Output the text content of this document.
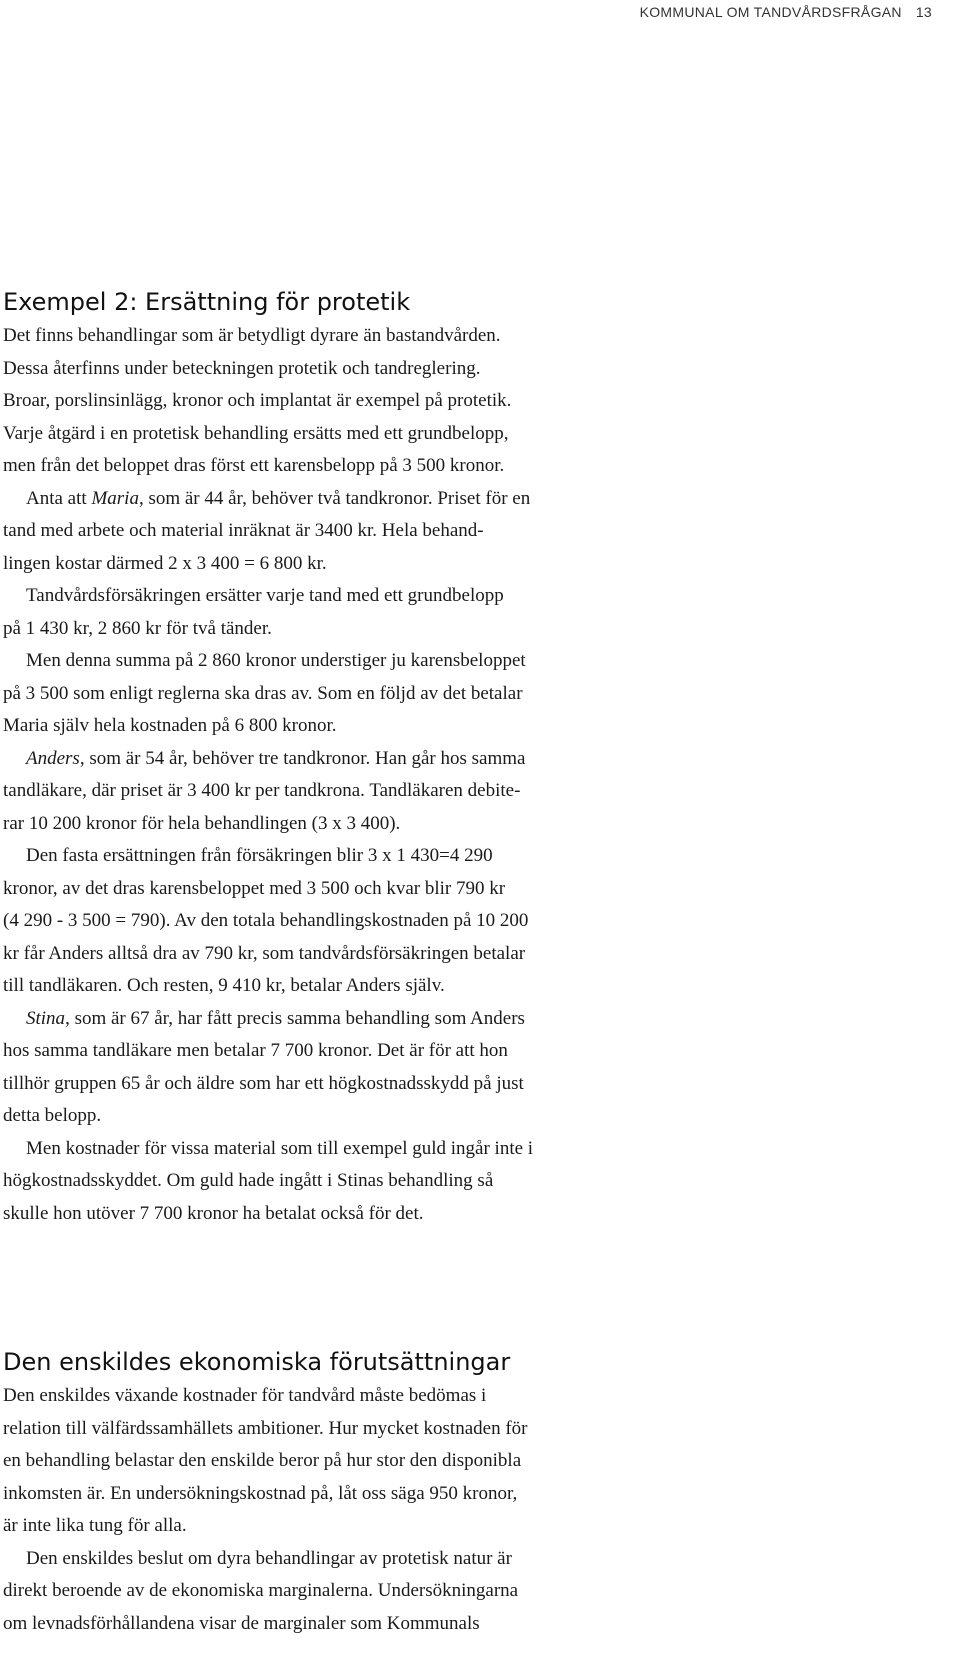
KOMMUNAL OM TANDVÅRDSFRÅGAN 13
Exempel 2: Ersättning för protetik

Det finns behandlingar som är betydligt dyrare än bastandvården.
Dessa återfinns under beteckningen protetik och tandreglering.
Broar, porslinsinlägg, kronor och implantat är exempel på protetik.
Varje åtgärd i en protetisk behandling ersätts med ett grundbelopp,
men från det beloppet dras först ett karensbelopp på 3 500 kronor.

Anta att Maria, som är 44 år, behöver två tandkronor. Priset för en
tand med arbete och material inräknat är 3400 kr. Hela behand-
lingen kostar därmed 2 x 3 400 = 6 800 kr.

Tandvårdsförsäkringen ersätter varje tand med ett grundbelopp
på 1 430 kr, 2 860 kr för två tänder.

Men denna summa på 2 860 kronor understiger ju karensbeloppet
på 3 500 som enligt reglerna ska dras av. Som en följd av det betalar
Maria själv hela kostnaden på 6 800 kronor.

Anders, som är 54 år, behöver tre tandkronor. Han går hos samma
tandläkare, där priset är 3 400 kr per tandkrona. Tandläkaren debite-
rar 10 200 kronor för hela behandlingen (3 x 3 400).

Den fasta ersättningen från försäkringen blir 3 x 1 430=4 290
kronor, av det dras karensbeloppet med 3 500 och kvar blir 790 kr
(4 290 - 3 500 = 790). Av den totala behandlingskostnaden på 10 200
kr får Anders alltså dra av 790 kr, som tandvårdsförsäkringen betalar
till tandläkaren. Och resten, 9 410 kr, betalar Anders själv.

Stina, som är 67 år, har fått precis samma behandling som Anders
hos samma tandläkare men betalar 7 700 kronor. Det är för att hon
tillhör gruppen 65 år och äldre som har ett högkostnadsskydd på just
detta belopp.

Men kostnader för vissa material som till exempel guld ingår inte i
högkostnadsskyddet. Om guld hade ingått i Stinas behandling så
skulle hon utöver 7 700 kronor ha betalat också för det.

Den enskildes ekonomiska förutsättningar

Den enskildes växande kostnader för tandvård måste bedömas i
relation till välfärdssamhällets ambitioner. Hur mycket kostnaden för
en behandling belastar den enskilde beror på hur stor den disponibla
inkomsten är. En undersökningskostnad på, låt oss säga 950 kronor,
är inte lika tung för alla.

Den enskildes beslut om dyra behandlingar av protetisk natur är
direkt beroende av de ekonomiska marginalerna. Undersökningarna
om levnadsförhållandena visar de marginaler som Kommunals
